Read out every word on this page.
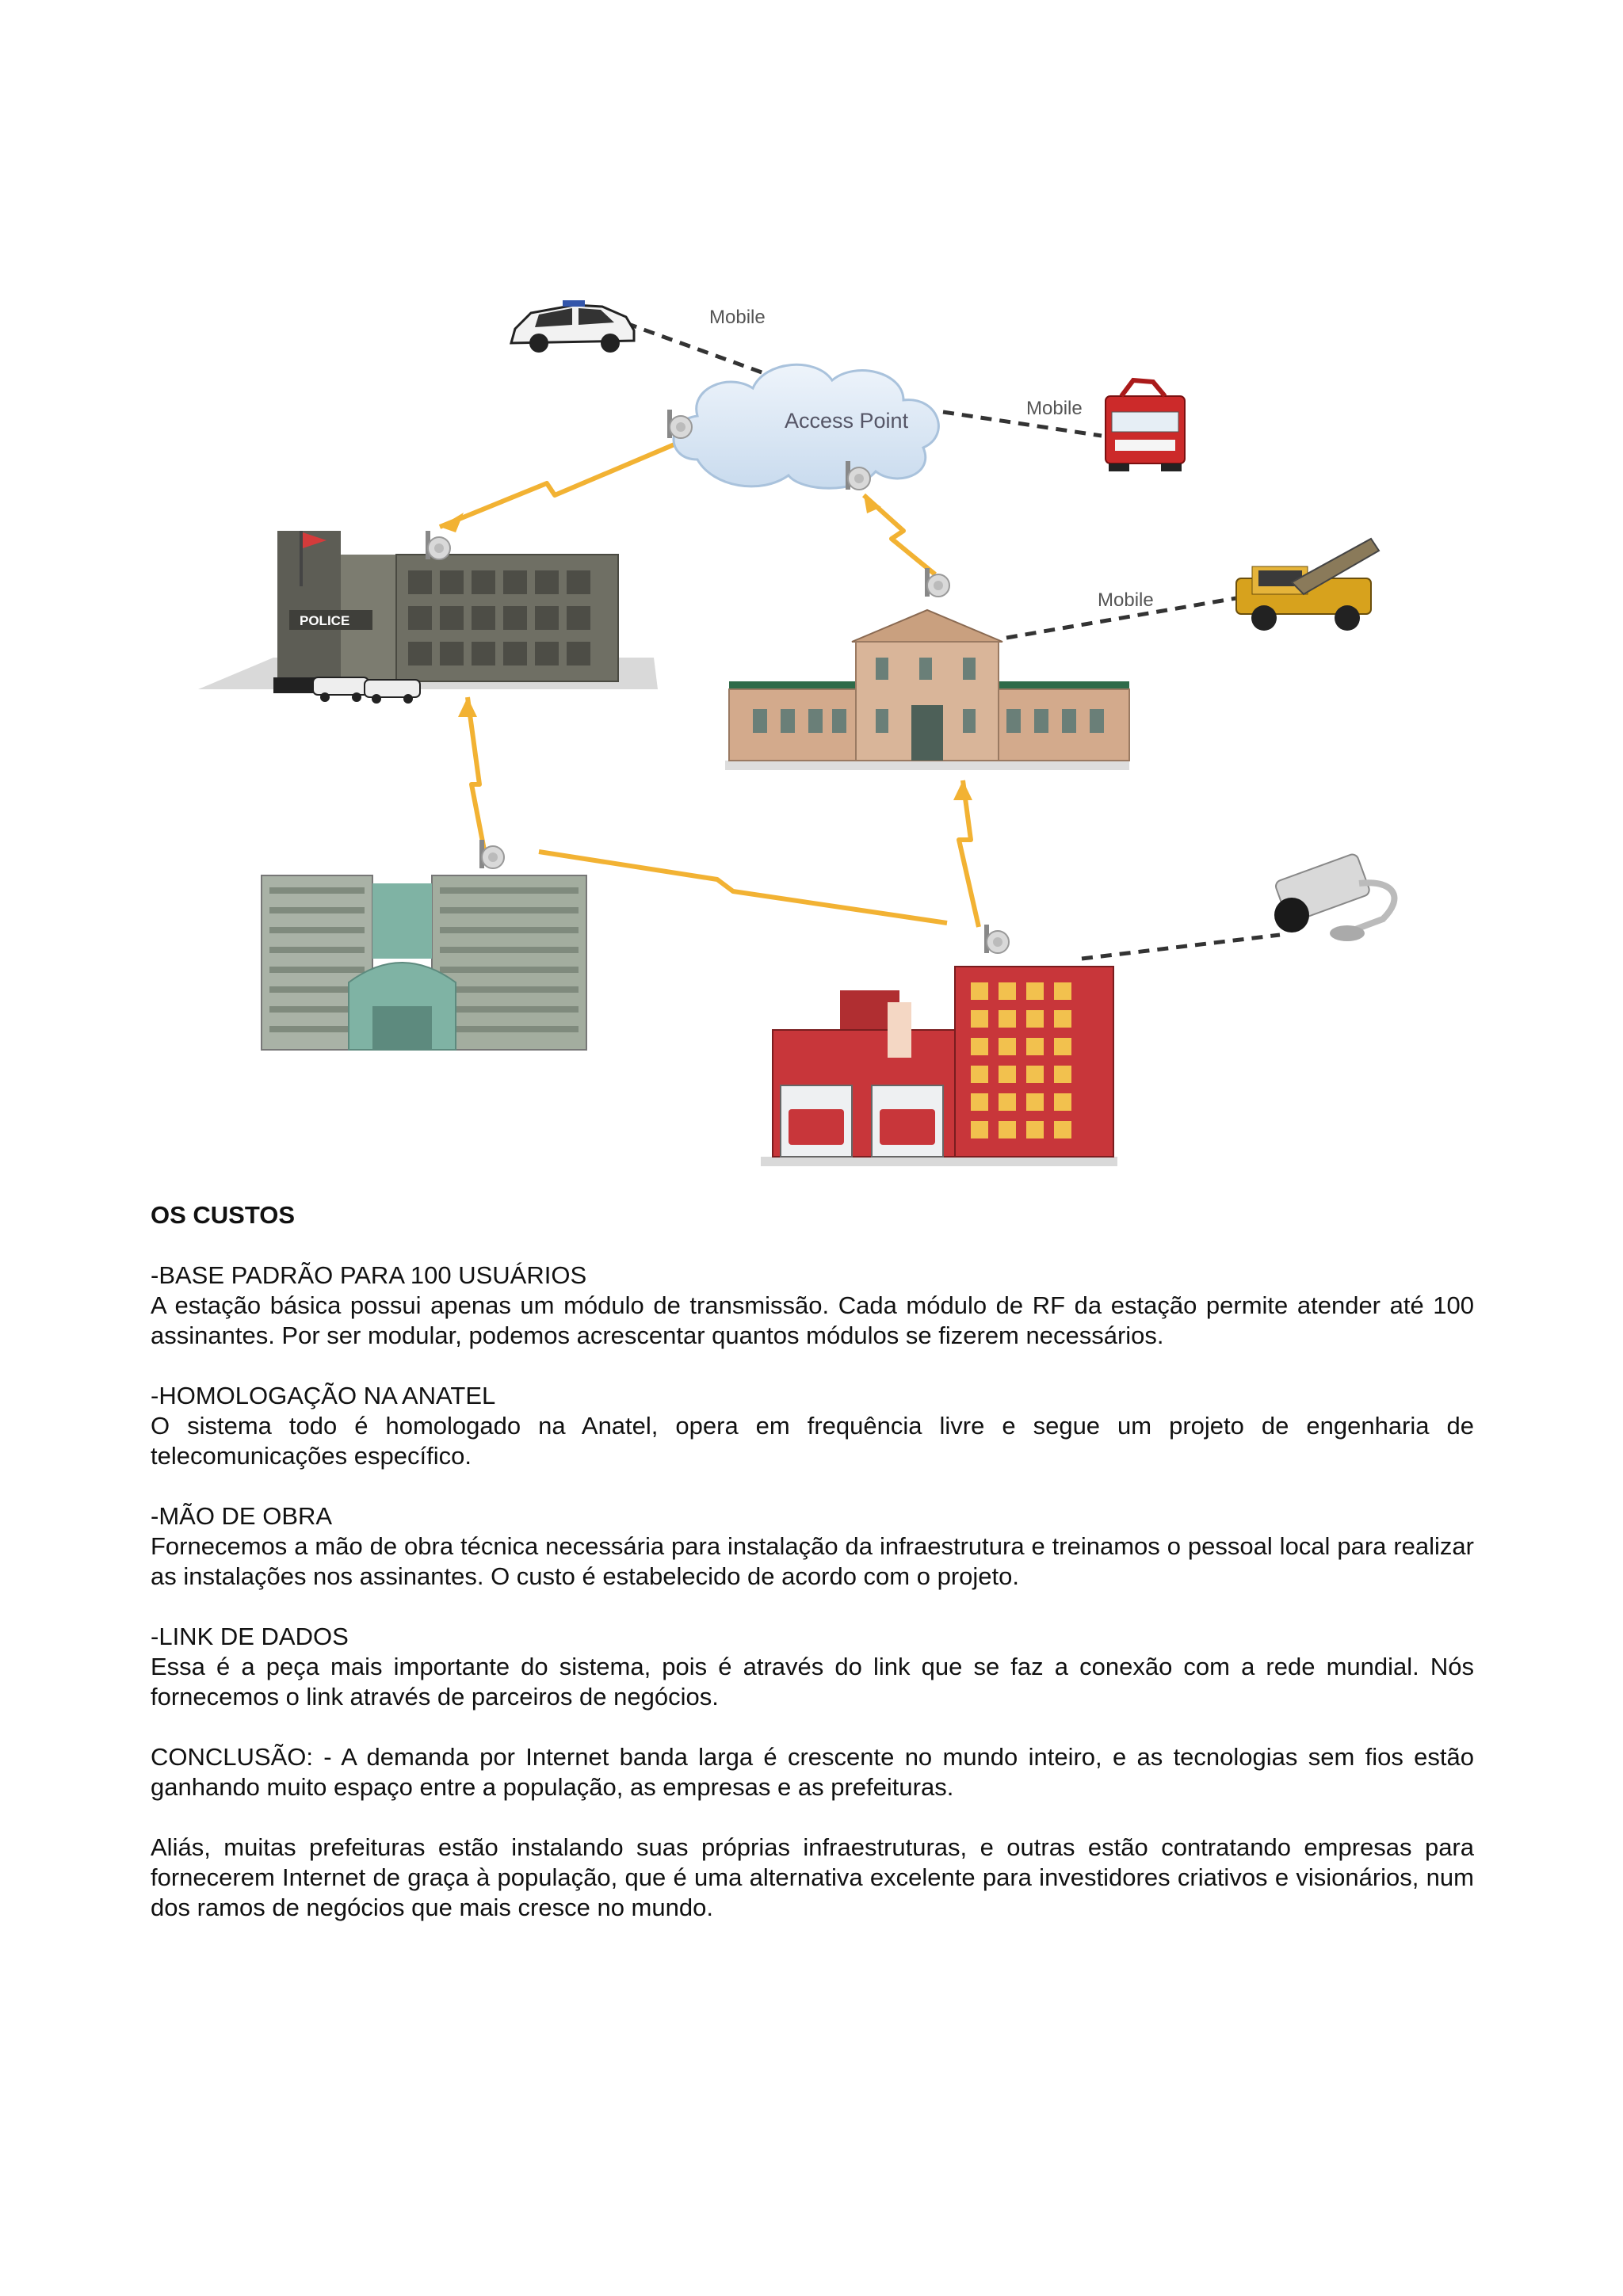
Mobile
Mobile
Mobile
Access Point
POLICE
OS CUSTOS
-BASE PADRÃO PARA 100 USUÁRIOS

A estação básica possui apenas um módulo de transmissão. Cada módulo de RF da estação permite atender até 100 assinantes. Por ser modular, podemos acrescentar quantos módulos se fizerem necessários.

-HOMOLOGAÇÃO NA ANATEL

O sistema todo é homologado na Anatel, opera em frequência livre e segue um projeto de engenharia de telecomunicações específico.

-MÃO DE OBRA

Fornecemos a mão de obra técnica necessária para instalação da infraestrutura e treinamos o pessoal local para realizar as instalações nos assinantes. O custo é estabelecido de acordo com o projeto.

-LINK DE DADOS

Essa é a peça mais importante do sistema, pois é através do link que se faz a conexão com a rede mundial. Nós fornecemos o link através de parceiros de negócios.

CONCLUSÃO: - A demanda por Internet banda larga é crescente no mundo inteiro, e as tecnologias sem fios estão ganhando muito espaço entre a população, as empresas e as prefeituras.

Aliás, muitas prefeituras estão instalando suas próprias infraestruturas, e outras estão contratando empresas para fornecerem Internet de graça à população, que é uma alternativa excelente para investidores criativos e visionários, num dos ramos de negócios que mais cresce no mundo.
